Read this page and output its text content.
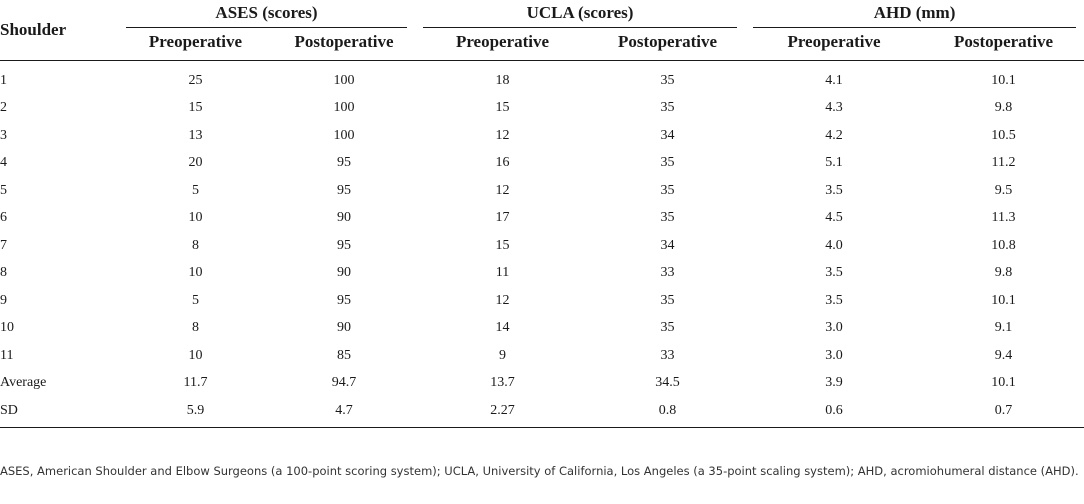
Shoulder	ASES (scores)		UCLA (scores)		AHD (mm)	

	Preoperative	Postoperative	Preoperative	Postoperative	Preoperative	Postoperative
1	25	100	18	35	4.1	10.1
2	15	100	15	35	4.3	9.8
3	13	100	12	34	4.2	10.5
4	20	95	16	35	5.1	11.2
5	5	95	12	35	3.5	9.5
6	10	90	17	35	4.5	11.3
7	8	95	15	34	4.0	10.8
8	10	90	11	33	3.5	9.8
9	5	95	12	35	3.5	10.1
10	8	90	14	35	3.0	9.1
11	10	85	9	33	3.0	9.4
Average	11.7	94.7	13.7	34.5	3.9	10.1
SD	5.9	4.7	2.27	0.8	0.6	0.7
ASES, American Shoulder and Elbow Surgeons (a 100-point scoring system); UCLA, University of California, Los Angeles (a 35-point scaling system); AHD, acromiohumeral distance (AHD).
